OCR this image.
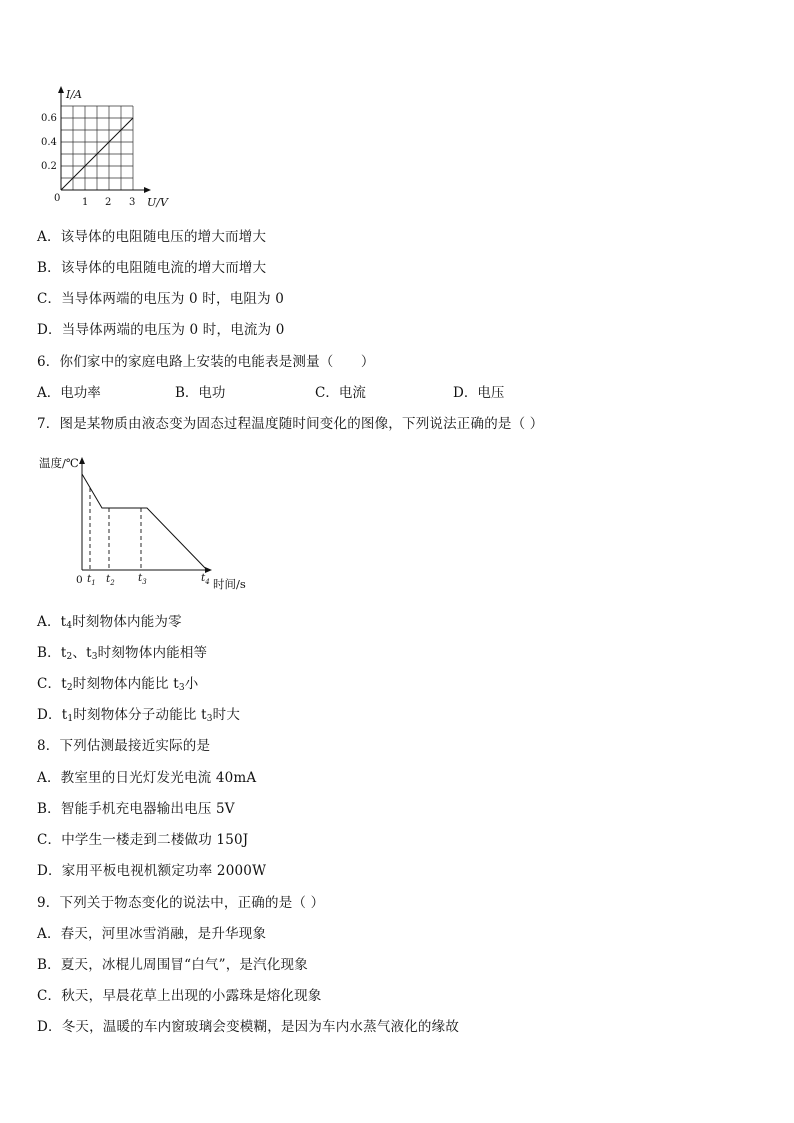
I/A
0.6
0.4
0.2
0 1 2 3 U/V
A．该导体的电阻随电压的增大而增大
B．该导体的电阻随电流的增大而增大
C．当导体两端的电压为 0 时，电阻为 0
D．当导体两端的电压为 0 时，电流为 0
6．你们家中的家庭电路上安装的电能表是测量（　　）
A．电功率	B．电功	C．电流	D．电压
7．图是某物质由液态变为固态过程温度随时间变化的图像，下列说法正确的是（ ）
温度/℃
0 $t_1$ $t_2$ $t_3$	$t_4$ 时间/s
A．$t_4$时刻物体内能为零
B．$t_2$、$t_3$时刻物体内能相等
C．$t_2$时刻物体内能比 $t_3$小
D．$t_1$时刻物体分子动能比 $t_3$时大
8．下列估测最接近实际的是
A．教室里的日光灯发光电流 40mA
B．智能手机充电器输出电压 5V
C．中学生一楼走到二楼做功 150J
D．家用平板电视机额定功率 2000W
9．下列关于物态变化的说法中，正确的是（ ）
A．春天，河里冰雪消融，是升华现象
B．夏天，冰棍儿周围冒“白气”，是汽化现象
C．秋天，早晨花草上出现的小露珠是熔化现象
D．冬天，温暖的车内窗玻璃会变模糊，是因为车内水蒸气液化的缘故
